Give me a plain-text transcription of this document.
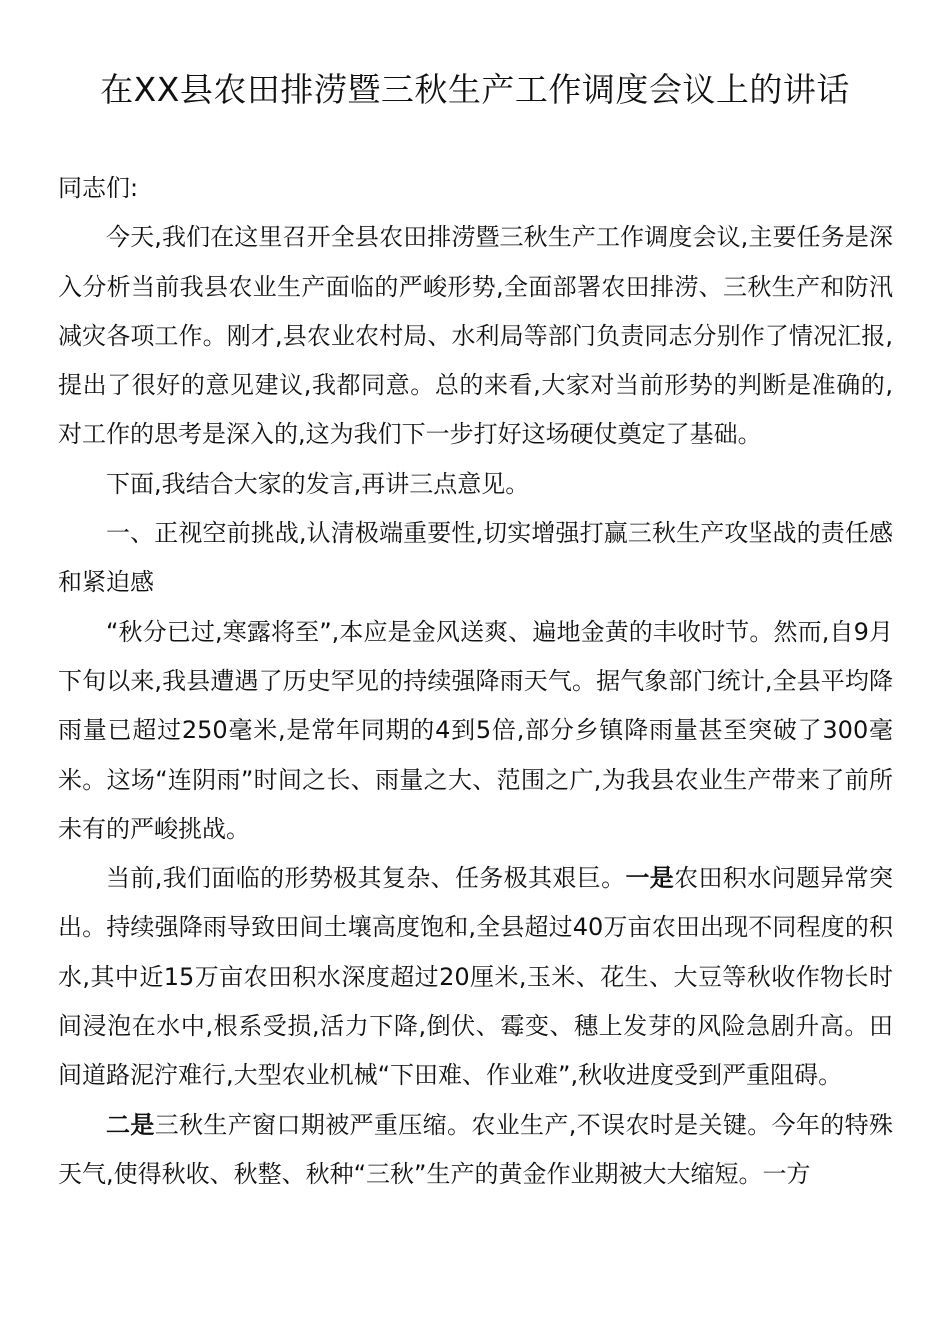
在XX县农田排涝暨三秋生产工作调度会议上的讲话

同志们:

今天,我们在这里召开全县农田排涝暨三秋生产工作调度会议,主要任务是深入分析当前我县农业生产面临的严峻形势,全面部署农田排涝、三秋生产和防汛减灾各项工作。刚才,县农业农村局、水利局等部门负责同志分别作了情况汇报,提出了很好的意见建议,我都同意。总的来看,大家对当前形势的判断是准确的,对工作的思考是深入的,这为我们下一步打好这场硬仗奠定了基础。

下面,我结合大家的发言,再讲三点意见。

一、正视空前挑战,认清极端重要性,切实增强打赢三秋生产攻坚战的责任感和紧迫感

“秋分已过,寒露将至”,本应是金风送爽、遍地金黄的丰收时节。然而,自9月下旬以来,我县遭遇了历史罕见的持续强降雨天气。据气象部门统计,全县平均降雨量已超过250毫米,是常年同期的4到5倍,部分乡镇降雨量甚至突破了300毫米。这场“连阴雨”时间之长、雨量之大、范围之广,为我县农业生产带来了前所未有的严峻挑战。

当前,我们面临的形势极其复杂、任务极其艰巨。一是农田积水问题异常突出。持续强降雨导致田间土壤高度饱和,全县超过40万亩农田出现不同程度的积水,其中近15万亩农田积水深度超过20厘米,玉米、花生、大豆等秋收作物长时间浸泡在水中,根系受损,活力下降,倒伏、霉变、穗上发芽的风险急剧升高。田间道路泥泞难行,大型农业机械“下田难、作业难”,秋收进度受到严重阻碍。

二是三秋生产窗口期被严重压缩。农业生产,不误农时是关键。今年的特殊天气,使得秋收、秋整、秋种“三秋”生产的黄金作业期被大大缩短。一方
